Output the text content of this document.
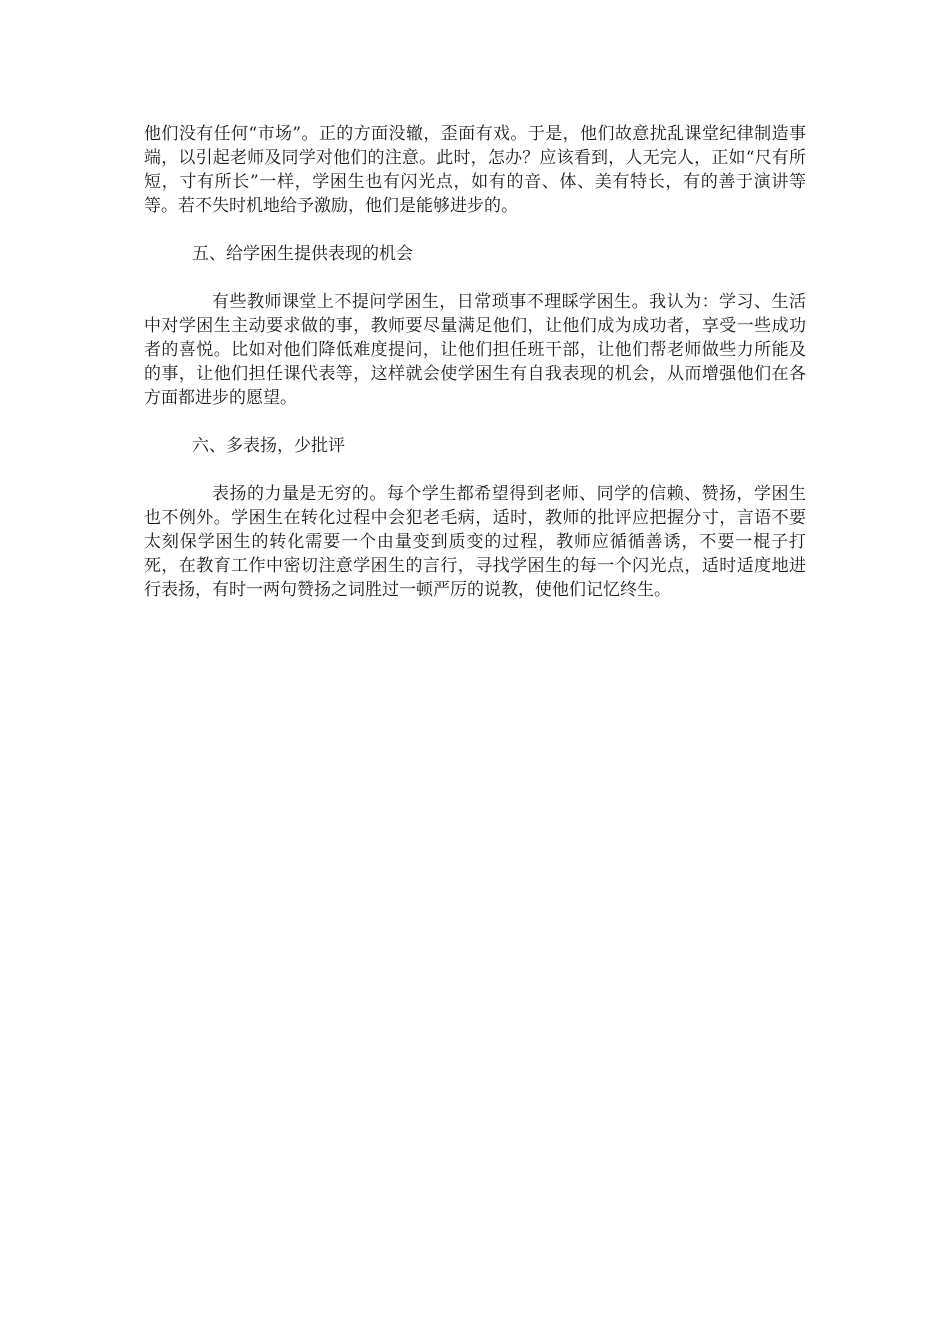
他们没有任何“市场”。正的方面没辙，歪面有戏。于是，他们故意扰乱课堂纪律制造事端，以引起老师及同学对他们的注意。此时，怎办？应该看到，人无完人，正如“尺有所短，寸有所长”一样，学困生也有闪光点，如有的音、体、美有特长，有的善于演讲等等。若不失时机地给予激励，他们是能够进步的。

五、给学困生提供表现的机会

有些教师课堂上不提问学困生，日常琐事不理睬学困生。我认为：学习、生活中对学困生主动要求做的事，教师要尽量满足他们，让他们成为成功者，享受一些成功者的喜悦。比如对他们降低难度提问，让他们担任班干部，让他们帮老师做些力所能及的事，让他们担任课代表等，这样就会使学困生有自我表现的机会，从而增强他们在各方面都进步的愿望。

六、多表扬，少批评

表扬的力量是无穷的。每个学生都希望得到老师、同学的信赖、赞扬，学困生也不例外。学困生在转化过程中会犯老毛病，适时，教师的批评应把握分寸，言语不要太刻保学困生的转化需要一个由量变到质变的过程，教师应循循善诱，不要一棍子打死，在教育工作中密切注意学困生的言行，寻找学困生的每一个闪光点，适时适度地进行表扬，有时一两句赞扬之词胜过一顿严厉的说教，使他们记忆终生。
